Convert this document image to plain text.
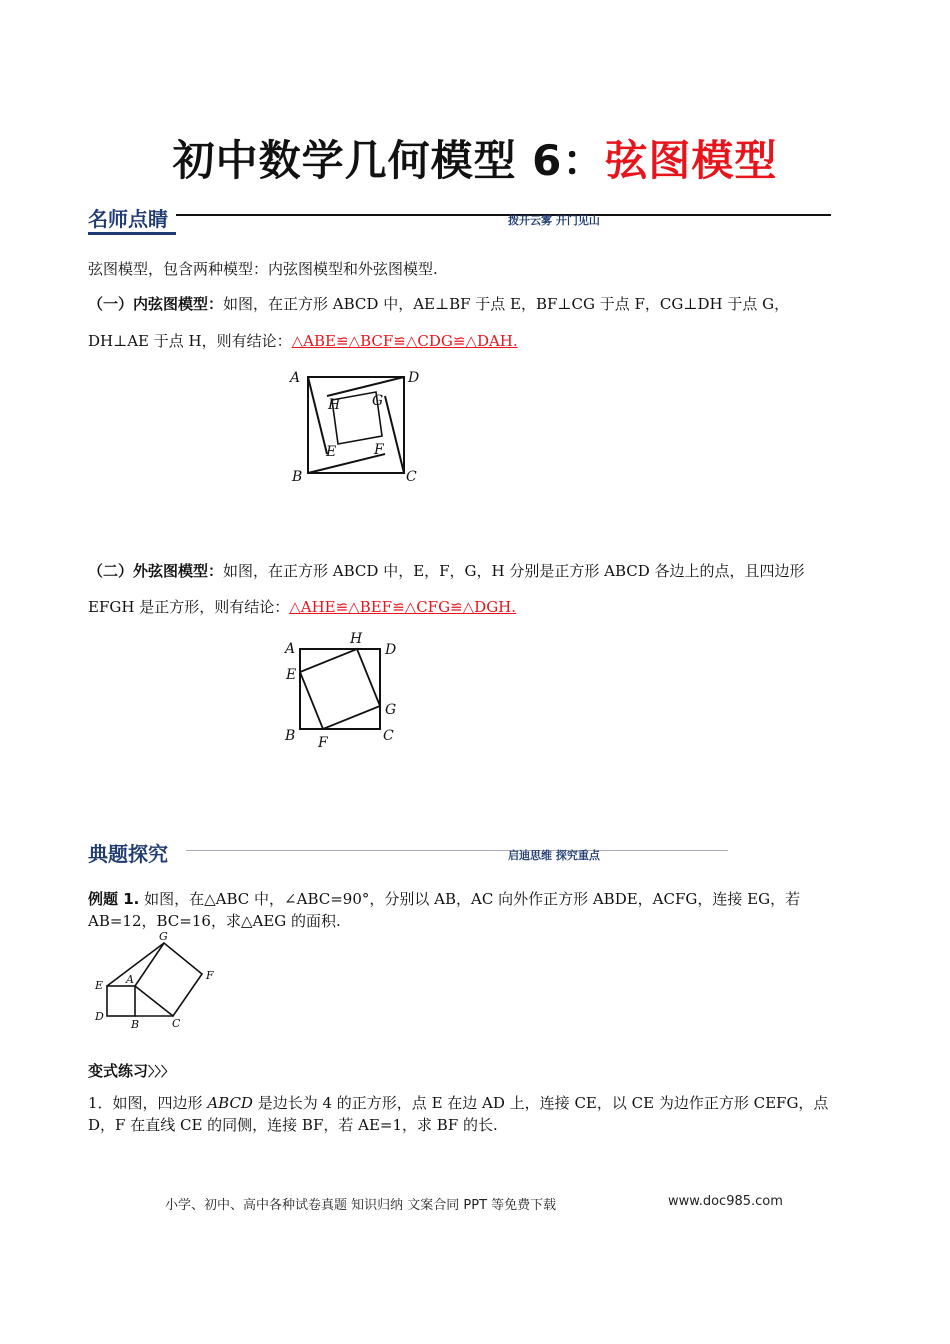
初中数学几何模型 6：弦图模型
名师点睛	拨开云雾 开门见山
弦图模型，包含两种模型：内弦图模型和外弦图模型.
（一）内弦图模型：如图，在正方形 ABCD 中，AE⊥BF 于点 E，BF⊥CG 于点 F，CG⊥DH 于点 G，
DH⊥AE 于点 H，则有结论：△ABE≌△BCF≌△CDG≌△DAH.
A	D
B	C
H G
E	F
（二）外弦图模型：如图，在正方形 ABCD 中，E，F，G，H 分别是正方形 ABCD 各边上的点，且四边形
EFGH 是正方形，则有结论：△AHE≌△BEF≌△CFG≌△DGH.
A
H
D
E
G
B F	C
典题探究	启迪思维 探究重点
例题 1. 如图，在△ABC 中，∠ABC=90°，分别以 AB，AC 向外作正方形 ABDE，ACFG，连接 EG，若
AB=12，BC=16，求△AEG 的面积.
G
E A	F
D
B	C
变式练习〉〉〉
1．如图，四边形 ABCD 是边长为 4 的正方形，点 E 在边 AD 上，连接 CE，以 CE 为边作正方形 CEFG，点
D，F 在直线 CE 的同侧，连接 BF，若 AE=1，求 BF 的长.
小学、初中、高中各种试卷真题 知识归纳 文案合同 PPT 等免费下载	www.doc985.com
